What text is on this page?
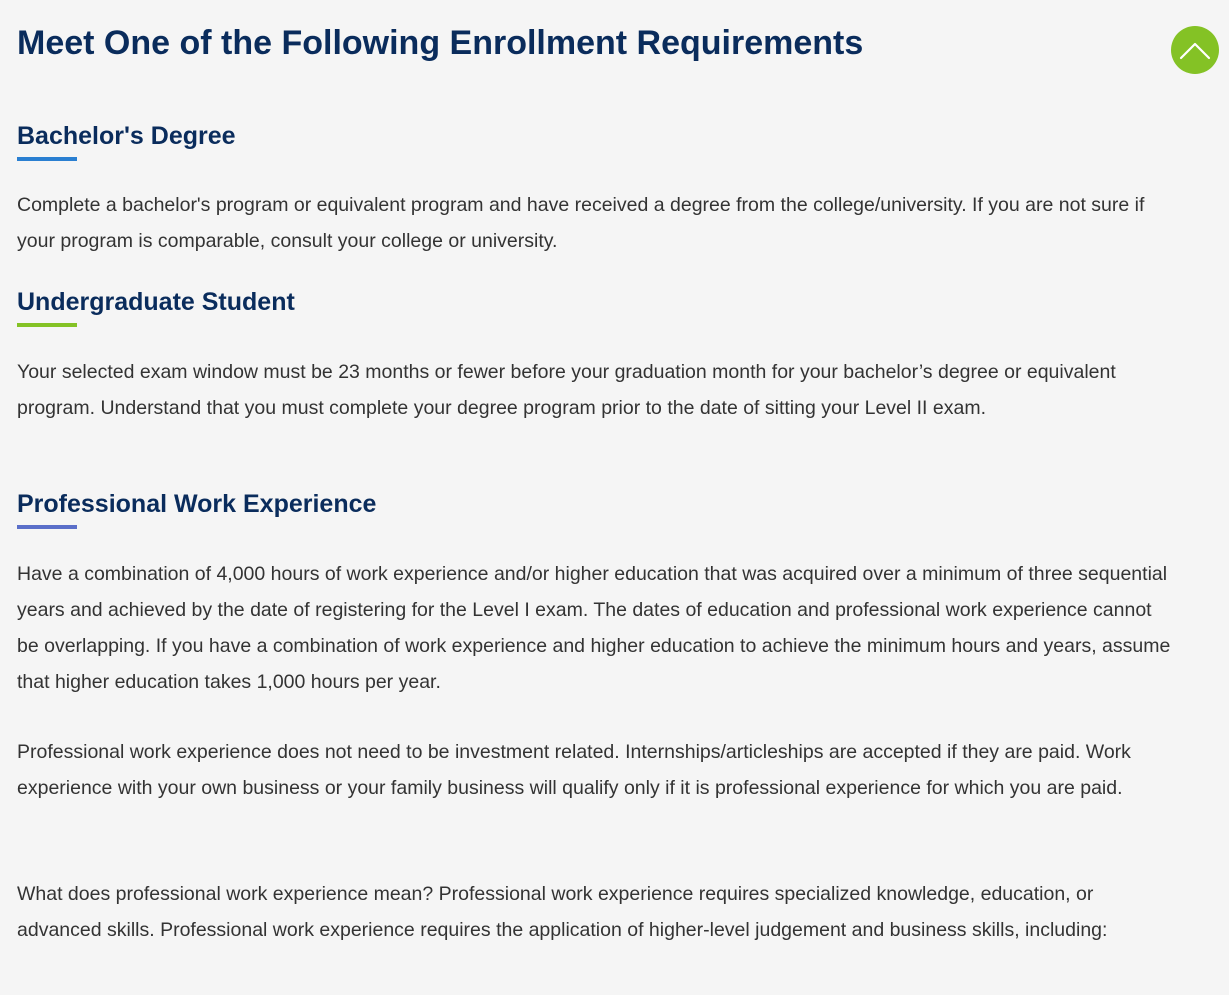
Meet One of the Following Enrollment Requirements
Bachelor's Degree

Complete a bachelor's program or equivalent program and have received a degree from the college/university. If you are not sure if your program is comparable, consult your college or university.

Undergraduate Student

Your selected exam window must be 23 months or fewer before your graduation month for your bachelor’s degree or equivalent program. Understand that you must complete your degree program prior to the date of sitting your Level II exam.

Professional Work Experience

Have a combination of 4,000 hours of work experience and/or higher education that was acquired over a minimum of three sequential years and achieved by the date of registering for the Level I exam. The dates of education and professional work experience cannot be overlapping. If you have a combination of work experience and higher education to achieve the minimum hours and years, assume that higher education takes 1,000 hours per year.

Professional work experience does not need to be investment related. Internships/articleships are accepted if they are paid. Work experience with your own business or your family business will qualify only if it is professional experience for which you are paid.

What does professional work experience mean? Professional work experience requires specialized knowledge, education, or advanced skills. Professional work experience requires the application of higher-level judgement and business skills, including:
